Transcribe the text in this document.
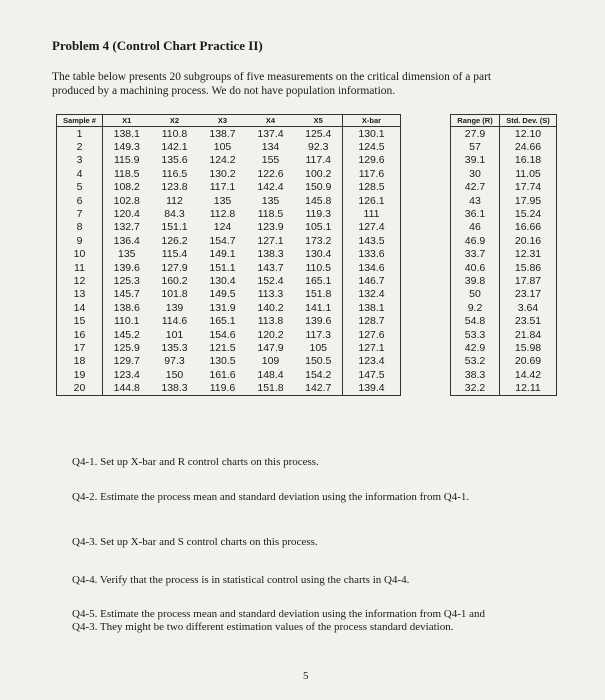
Problem 4 (Control Chart Practice II)
The table below presents 20 subgroups of five measurements on the critical dimension of a part
produced by a machining process. We do not have population information.
Sample #	X1	X2	X3	X4	X5	X-bar
1	138.1	110.8	138.7	137.4	125.4	130.1
2	149.3	142.1	105	134	92.3	124.5
3	115.9	135.6	124.2	155	117.4	129.6
4	118.5	116.5	130.2	122.6	100.2	117.6
5	108.2	123.8	117.1	142.4	150.9	128.5
6	102.8	112	135	135	145.8	126.1
7	120.4	84.3	112.8	118.5	119.3	111
8	132.7	151.1	124	123.9	105.1	127.4
9	136.4	126.2	154.7	127.1	173.2	143.5
10	135	115.4	149.1	138.3	130.4	133.6
11	139.6	127.9	151.1	143.7	110.5	134.6
12	125.3	160.2	130.4	152.4	165.1	146.7
13	145.7	101.8	149.5	113.3	151.8	132.4
14	138.6	139	131.9	140.2	141.1	138.1
15	110.1	114.6	165.1	113.8	139.6	128.7
16	145.2	101	154.6	120.2	117.3	127.6
17	125.9	135.3	121.5	147.9	105	127.1
18	129.7	97.3	130.5	109	150.5	123.4
19	123.4	150	161.6	148.4	154.2	147.5
20	144.8	138.3	119.6	151.8	142.7	139.4
Range (R)	Std. Dev. (S)
27.9	12.10
57	24.66
39.1	16.18
30	11.05
42.7	17.74
43	17.95
36.1	15.24
46	16.66
46.9	20.16
33.7	12.31
40.6	15.86
39.8	17.87
50	23.17
9.2	3.64
54.8	23.51
53.3	21.84
42.9	15.98
53.2	20.69
38.3	14.42
32.2	12.11
Q4-1. Set up X-bar and R control charts on this process.
Q4-2. Estimate the process mean and standard deviation using the information from Q4-1.
Q4-3. Set up X-bar and S control charts on this process.
Q4-4. Verify that the process is in statistical control using the charts in Q4-4.
Q4-5. Estimate the process mean and standard deviation using the information from Q4-1 and
Q4-3. They might be two different estimation values of the process standard deviation.
5
